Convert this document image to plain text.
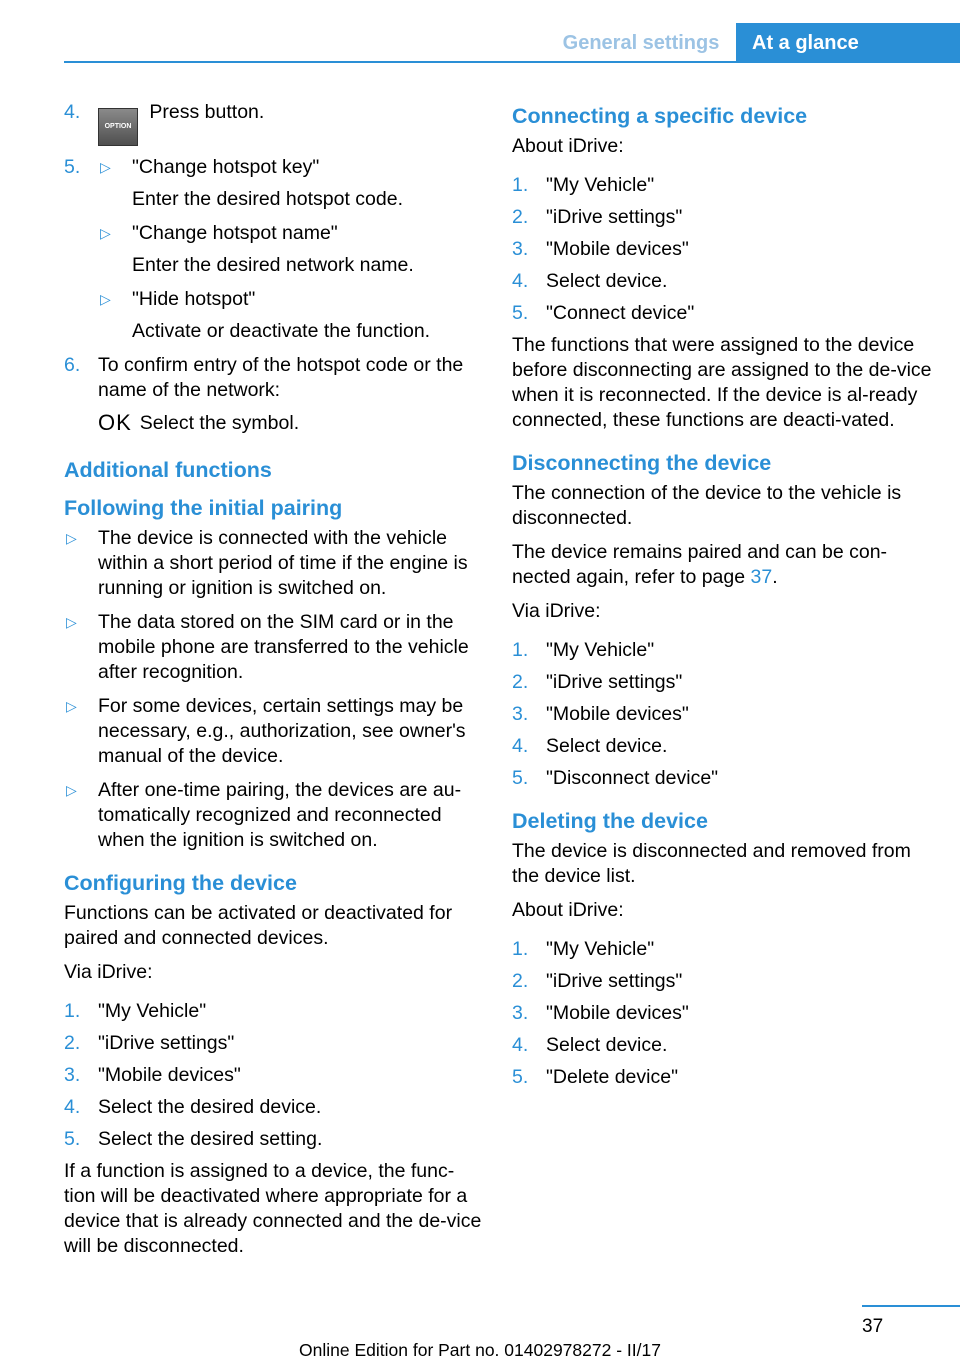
General settings	At a glance
4.
OPTION Press button.
5. ▷ "Change hotspot key"
Enter the desired hotspot code.
▷ "Change hotspot name"
Enter the desired network name.
▷ "Hide hotspot"
Activate or deactivate the function.
6. To confirm entry of the hotspot code or the name of the network:
OK Select the symbol.
Additional functions
Following the initial pairing
▷ The device is connected with the vehicle within a short period of time if the engine is running or ignition is switched on.
▷ The data stored on the SIM card or in the mobile phone are transferred to the vehicle after recognition.
▷ For some devices, certain settings may be necessary, e.g., authorization, see owner's manual of the device.
▷ After one-time pairing, the devices are au-tomatically recognized and reconnected when the ignition is switched on.
Configuring the device
Functions can be activated or deactivated for paired and connected devices.
Via iDrive:
1. "My Vehicle"
2. "iDrive settings"
3. "Mobile devices"
4. Select the desired device.
5. Select the desired setting.
If a function is assigned to a device, the func-tion will be deactivated where appropriate for a device that is already connected and the de-vice will be disconnected.
Connecting a specific device
About iDrive:
1. "My Vehicle"
2. "iDrive settings"
3. "Mobile devices"
4. Select device.
5. "Connect device"
The functions that were assigned to the device before disconnecting are assigned to the de-vice when it is reconnected. If the device is al-ready connected, these functions are deacti-vated.
Disconnecting the device
The connection of the device to the vehicle is disconnected.
The device remains paired and can be con-nected again, refer to page 37.
Via iDrive:
1. "My Vehicle"
2. "iDrive settings"
3. "Mobile devices"
4. Select device.
5. "Disconnect device"
Deleting the device
The device is disconnected and removed from the device list.
About iDrive:
1. "My Vehicle"
2. "iDrive settings"
3. "Mobile devices"
4. Select device.
5. "Delete device"
37
Online Edition for Part no. 01402978272 - II/17
